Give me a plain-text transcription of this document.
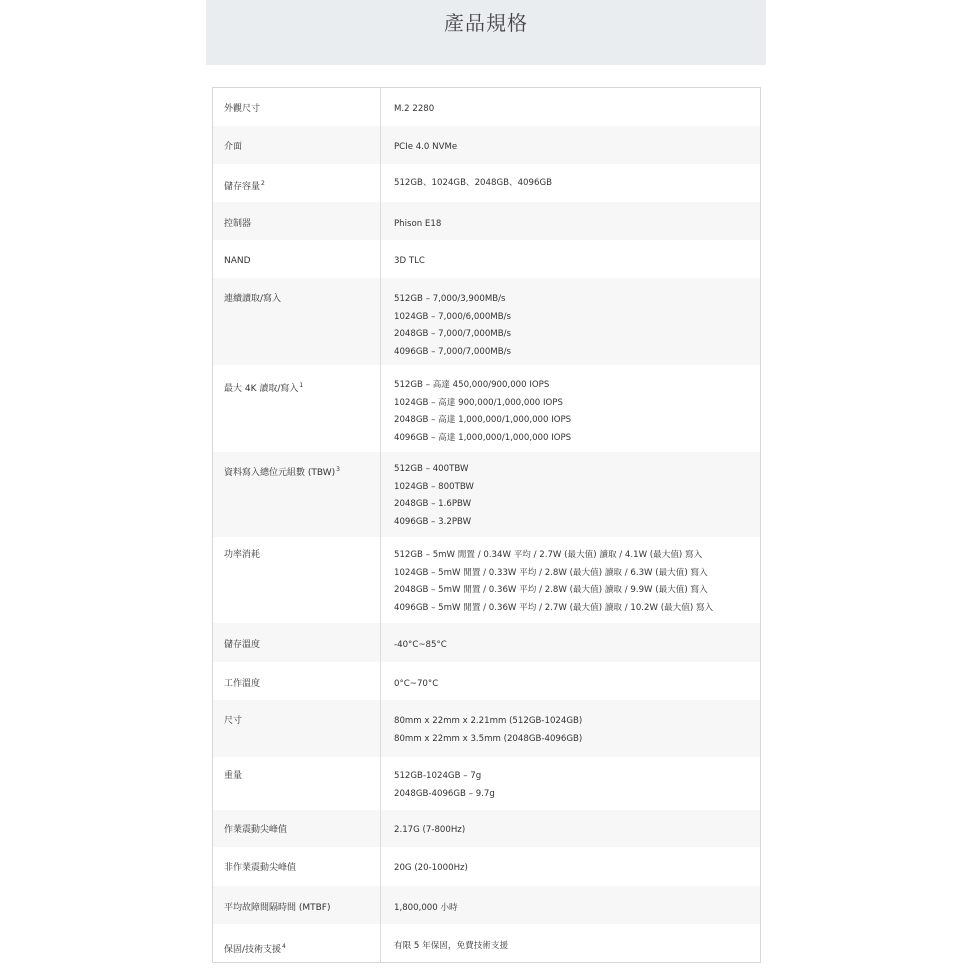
產品規格
外觀尺寸	M.2 2280
介面	PCIe 4.0 NVMe
儲存容量$^2$	512GB、1024GB、2048GB、4096GB
控制器	Phison E18
NAND	3D TLC
連續讀取/寫入	512GB – 7,000/3,900MB/s
1024GB – 7,000/6,000MB/s
2048GB – 7,000/7,000MB/s
4096GB – 7,000/7,000MB/s
最大 4K 讀取/寫入$^1$	512GB – 高達 450,000/900,000 IOPS
1024GB – 高達 900,000/1,000,000 IOPS
2048GB – 高達 1,000,000/1,000,000 IOPS
4096GB – 高達 1,000,000/1,000,000 IOPS
資料寫入總位元組數 (TBW)$^3$	512GB – 400TBW
1024GB – 800TBW
2048GB – 1.6PBW
4096GB – 3.2PBW
功率消耗	512GB – 5mW 閒置 / 0.34W 平均 / 2.7W (最大值) 讀取 / 4.1W (最大值) 寫入
1024GB – 5mW 閒置 / 0.33W 平均 / 2.8W (最大值) 讀取 / 6.3W (最大值) 寫入
2048GB – 5mW 閒置 / 0.36W 平均 / 2.8W (最大值) 讀取 / 9.9W (最大值) 寫入
4096GB – 5mW 閒置 / 0.36W 平均 / 2.7W (最大值) 讀取 / 10.2W (最大值) 寫入
儲存溫度	-40°C~85°C
工作溫度	0°C~70°C
尺寸	80mm x 22mm x 2.21mm (512GB-1024GB)
80mm x 22mm x 3.5mm (2048GB-4096GB)
重量	512GB-1024GB – 7g
2048GB-4096GB – 9.7g
作業震動尖峰值	2.17G (7-800Hz)
非作業震動尖峰值	20G (20-1000Hz)
平均故障間隔時間 (MTBF)	1,800,000 小時
保固/技術支援$^4$	有限 5 年保固，免費技術支援
